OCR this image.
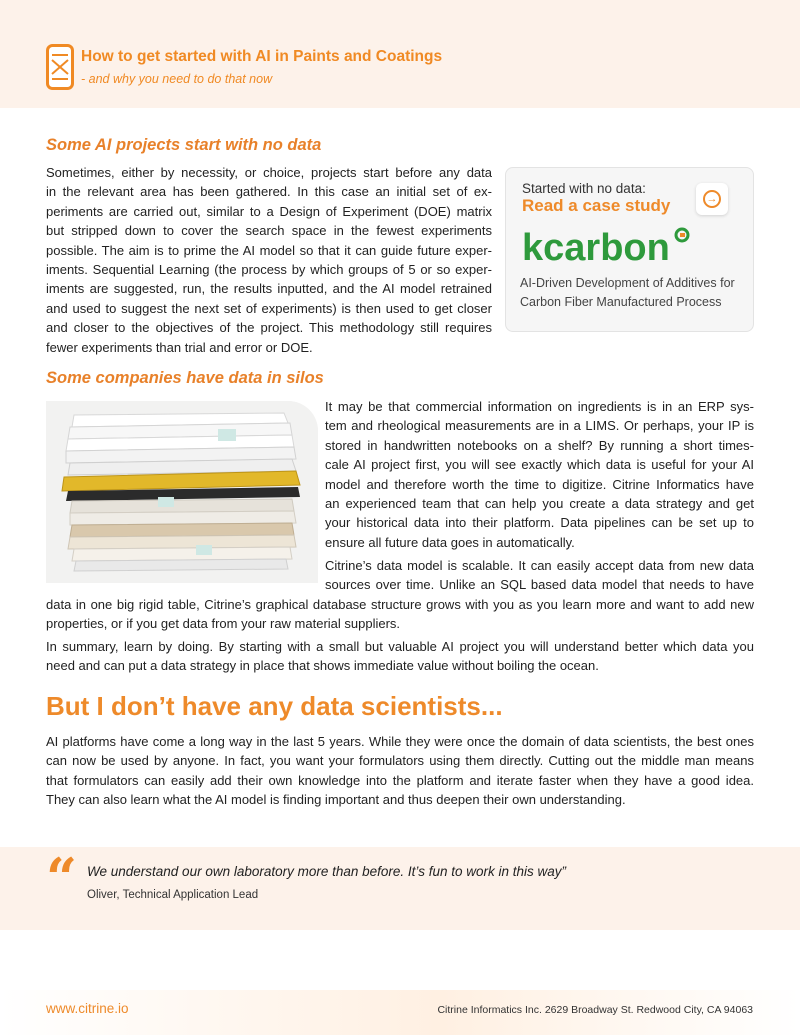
How to get started with AI in Paints and Coatings
- and why you need to do that now
Some AI projects start with no data
Sometimes, either by necessity, or choice, projects start before any data
in the relevant area has been gathered. In this case an initial set of ex-
periments are carried out, similar to a Design of Experiment (DOE) matrix
but stripped down to cover the search space in the fewest experiments
possible. The aim is to prime the AI model so that it can guide future exper-
iments. Sequential Learning (the process by which groups of 5 or so exper-
iments are suggested, run, the results inputted, and the AI model retrained
and used to suggest the next set of experiments) is then used to get closer
and closer to the objectives of the project. This methodology still requires
fewer experiments than trial and error or DOE.
Started with no data:
Read a case study	→
kcarbon
AI-Driven Development of Additives for
Carbon Fiber Manufactured Process
Some companies have data in silos
It may be that commercial information on ingredients is in an ERP sys-
tem and rheological measurements are in a LIMS. Or perhaps, your IP is
stored in handwritten notebooks on a shelf? By running a short times-
cale AI project first, you will see exactly which data is useful for your AI
model and therefore worth the time to digitize. Citrine Informatics have
an experienced team that can help you create a data strategy and get
your historical data into their platform. Data pipelines can be set up to
ensure all future data goes in automatically.
Citrine’s data model is scalable. It can easily accept data from new data
sources over time. Unlike an SQL based data model that needs to have
data in one big rigid table, Citrine’s graphical database structure grows with you as you learn more and want to add new
properties, or if you get data from your raw material suppliers.
In summary, learn by doing. By starting with a small but valuable AI project you will understand better which data you
need and can put a data strategy in place that shows immediate value without boiling the ocean.
But I don’t have any data scientists...
AI platforms have come a long way in the last 5 years. While they were once the domain of data scientists, the best ones
can now be used by anyone. In fact, you want your formulators using them directly. Cutting out the middle man means
that formulators can easily add their own knowledge into the platform and iterate faster when they have a good idea.
They can also learn what the AI model is finding important and thus deepen their own understanding.
“ We understand our own laboratory more than before. It’s fun to work in this way”
Oliver, Technical Application Lead
www.citrine.io	Citrine Informatics Inc. 2629 Broadway St. Redwood City, CA 94063
